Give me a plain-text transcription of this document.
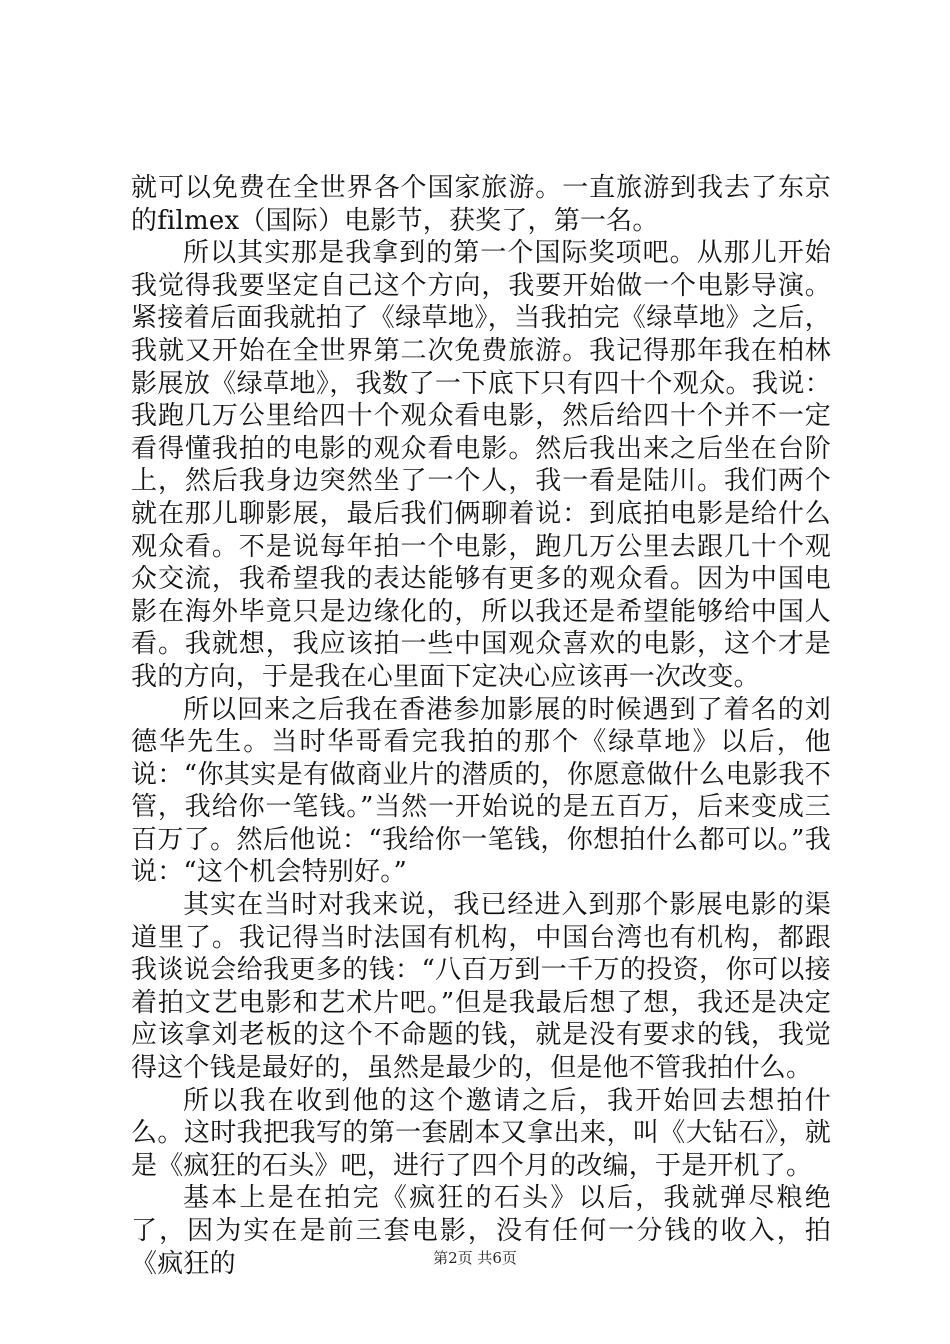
就可以免费在全世界各个国家旅游。一直旅游到我去了东京的filmex（国际）电影节，获奖了，第一名。

所以其实那是我拿到的第一个国际奖项吧。从那儿开始我觉得我要坚定自己这个方向，我要开始做一个电影导演。紧接着后面我就拍了《绿草地》，当我拍完《绿草地》之后，我就又开始在全世界第二次免费旅游。我记得那年我在柏林影展放《绿草地》，我数了一下底下只有四十个观众。我说：我跑几万公里给四十个观众看电影，然后给四十个并不一定看得懂我拍的电影的观众看电影。然后我出来之后坐在台阶上，然后我身边突然坐了一个人，我一看是陆川。我们两个就在那儿聊影展，最后我们俩聊着说：到底拍电影是给什么观众看。不是说每年拍一个电影，跑几万公里去跟几十个观众交流，我希望我的表达能够有更多的观众看。因为中国电影在海外毕竟只是边缘化的，所以我还是希望能够给中国人看。我就想，我应该拍一些中国观众喜欢的电影，这个才是我的方向，于是我在心里面下定决心应该再一次改变。

所以回来之后我在香港参加影展的时候遇到了着名的刘德华先生。当时华哥看完我拍的那个《绿草地》以后，他说：“你其实是有做商业片的潜质的，你愿意做什么电影我不管，我给你一笔钱。”当然一开始说的是五百万，后来变成三百万了。然后他说：“我给你一笔钱，你想拍什么都可以。”我说：“这个机会特别好。”

其实在当时对我来说，我已经进入到那个影展电影的渠道里了。我记得当时法国有机构，中国台湾也有机构，都跟我谈说会给我更多的钱：“八百万到一千万的投资，你可以接着拍文艺电影和艺术片吧。”但是我最后想了想，我还是决定应该拿刘老板的这个不命题的钱，就是没有要求的钱，我觉得这个钱是最好的，虽然是最少的，但是他不管我拍什么。

所以我在收到他的这个邀请之后，我开始回去想拍什么。这时我把我写的第一套剧本又拿出来，叫《大钻石》，就是《疯狂的石头》吧，进行了四个月的改编，于是开机了。

基本上是在拍完《疯狂的石头》以后，我就弹尽粮绝了，因为实在是前三套电影，没有任何一分钱的收入，拍《疯狂的	第2页 共6页
